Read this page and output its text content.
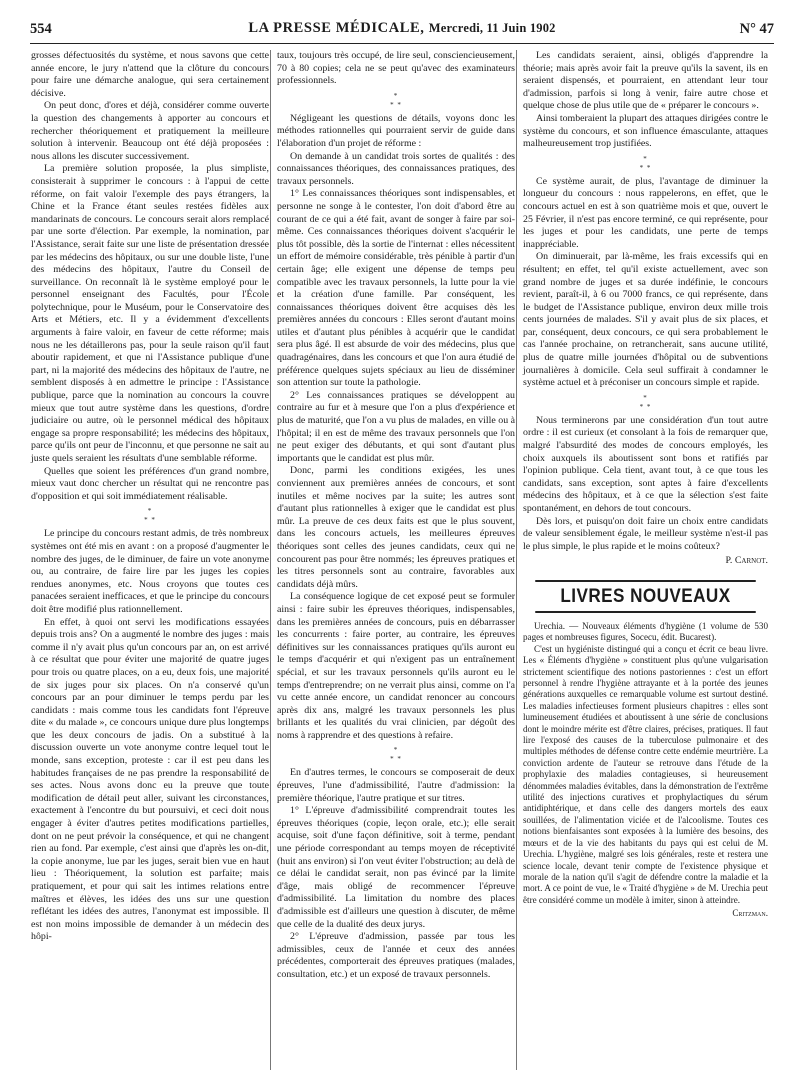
554	LA PRESSE MÉDICALE, Mercredi, 11 Juin 1902	N° 47

grosses défectuosités du système, et nous savons que cette année encore, le jury n'attend que la clôture du concours pour faire une démarche analogue, qui sera certainement décisive.

On peut donc, d'ores et déjà, considérer comme ouverte la question des changements à apporter au concours et rechercher théoriquement et pratiquement la meilleure solution à intervenir. Beaucoup ont été déjà proposées : nous allons les discuter successivement.

La première solution proposée, la plus simpliste, consisterait à supprimer le concours : à l'appui de cette réforme, on fait valoir l'exemple des pays étrangers, la Chine et la France étant seules restées fidèles aux mandarinats de concours. Le concours serait alors remplacé par une sorte d'élection. Par exemple, la nomination, par l'Assistance, serait faite sur une liste de présentation dressée par les médecins des hôpitaux, ou sur une double liste, l'une des médecins des hôpitaux, l'autre du Conseil de surveillance. On reconnaît là le système employé pour le personnel enseignant des Facultés, pour l'École polytechnique, pour le Muséum, pour le Conservatoire des Arts et Métiers, etc. Il y a évidemment d'excellents arguments à faire valoir, en faveur de cette réforme; mais nous ne les détaillerons pas, pour la seule raison qu'il faut aboutir rapidement, et que ni l'Assistance publique d'une part, ni la majorité des médecins des hôpitaux de l'autre, ne semblent disposés à en admettre le principe : l'Assistance publique, parce que la nomination au concours la couvre mieux que tout autre système dans les questions, d'ordre judiciaire ou autre, où le personnel médical des hôpitaux engage sa propre responsabilité; les médecins des hôpitaux, parce qu'ils ont peur de l'inconnu, et que personne ne sait au juste quels seraient les résultats d'une semblable réforme.

Quelles que soient les préférences d'un grand nombre, mieux vaut donc chercher un résultat qui ne rencontre pas d'opposition et qui soit immédiatement réalisable.

*
* *

Le principe du concours restant admis, de très nombreux systèmes ont été mis en avant : on a proposé d'augmenter le nombre des juges, de le diminuer, de faire un vote anonyme ou, au contraire, de faire lire par les juges les copies rendues anonymes, etc. Nous croyons que toutes ces panacées seraient inefficaces, et que le principe du concours doit être modifié plus rationnellement.

En effet, à quoi ont servi les modifications essayées depuis trois ans? On a augmenté le nombre des juges : mais comme il n'y avait plus qu'un concours par an, on est arrivé à ce résultat que pour éviter une majorité de quatre juges pour trois ou quatre places, on a eu, deux fois, une majorité de six juges pour six places. On n'a conservé qu'un concours par an pour diminuer le temps perdu par les candidats : mais comme tous les candidats font l'épreuve dite « du malade », ce concours unique dure plus longtemps que les deux concours de jadis. On a substitué à la discussion ouverte un vote anonyme contre lequel tout le monde, sans exception, proteste : car il est peu dans les habitudes françaises de ne pas prendre la responsabilité de ses actes. Nous avons donc eu la preuve que toute modification de détail peut aller, suivant les circonstances, exactement à l'encontre du but poursuivi, et ceci doit nous engager à éviter d'autres petites modifications partielles, dont on ne peut prévoir la conséquence, et qui ne changent rien au fond. Par exemple, c'est ainsi que d'après les on-dit, la copie anonyme, lue par les juges, serait bien vue en haut lieu : Théoriquement, la solution est parfaite; mais pratiquement, et pour qui sait les intimes relations entre maîtres et élèves, les idées des uns sur une question reflétant les idées des autres, l'anonymat est impossible. Il est non moins impossible de demander à un médecin des hôpi-

taux, toujours très occupé, de lire seul, consciencieusement, 70 à 80 copies; cela ne se peut qu'avec des examinateurs professionnels.

*
* *

Négligeant les questions de détails, voyons donc les méthodes rationnelles qui pourraient servir de guide dans l'élaboration d'un projet de réforme :

On demande à un candidat trois sortes de qualités : des connaissances théoriques, des connaissances pratiques, des travaux personnels.

1° Les connaissances théoriques sont indispensables, et personne ne songe à le contester, l'on doit d'abord être au courant de ce qui a été fait, avant de songer à faire par soi-même. Ces connaissances théoriques doivent s'acquérir le plus tôt possible, dès la sortie de l'internat : elles nécessitent un effort de mémoire considérable, très pénible à partir d'un certain âge; elle exigent une dépense de temps peu compatible avec les travaux personnels, la lutte pour la vie et la création d'une famille. Par conséquent, les connaissances théoriques doivent être acquises dès les premières années du concours : Elles seront d'autant moins utiles et d'autant plus pénibles à acquérir que le candidat sera plus âgé. Il est absurde de voir des médecins, plus que quadragénaires, dans les concours et que l'on aura étudié de préférence quelques sujets spéciaux au lieu de disséminer son attention sur toute la pathologie.

2° Les connaissances pratiques se développent au contraire au fur et à mesure que l'on a plus d'expérience et plus de maturité, que l'on a vu plus de malades, en ville ou à l'hôpital; il en est de même des travaux personnels que l'on ne peut exiger des débutants, et qui sont d'autant plus importants que le candidat est plus mûr.

Donc, parmi les conditions exigées, les unes conviennent aux premières années de concours, et sont inutiles et même nocives par la suite; les autres sont d'autant plus rationnelles à exiger que le candidat est plus mûr. La preuve de ces deux faits est que le plus souvent, dans les concours actuels, les meilleures épreuves théoriques sont celles des jeunes candidats, ceux qui ne concourent pas pour être nommés; les épreuves pratiques et les titres personnels sont au contraire, favorables aux candidats déjà mûrs.

La conséquence logique de cet exposé peut se formuler ainsi : faire subir les épreuves théoriques, indispensables, dans les premières années de concours, puis en débarrasser les concurrents : faire porter, au contraire, les épreuves définitives sur les connaissances pratiques qu'ils auront eu le temps d'acquérir et qui n'exigent pas un entraînement spécial, et sur les travaux personnels qu'ils auront eu le temps d'entreprendre; on ne verrait plus ainsi, comme on l'a vu cette année encore, un candidat renoncer au concours après dix ans, malgré les travaux personnels les plus brillants et les qualités du vrai clinicien, par dégoût des noms à rapprendre et des questions à refaire.

*
* *

En d'autres termes, le concours se composerait de deux épreuves, l'une d'admissibilité, l'autre d'admission: la première théorique, l'autre pratique et sur titres.

1° L'épreuve d'admissibilité comprendrait toutes les épreuves théoriques (copie, leçon orale, etc.); elle serait acquise, soit d'une façon définitive, soit à terme, pendant une période correspondant au temps moyen de réceptivité (huit ans environ) si l'on veut éviter l'obstruction; au delà de ce délai le candidat serait, non pas évincé par la limite d'âge, mais obligé de recommencer l'épreuve d'admissibilité. La limitation du nombre des places d'admissible est d'ailleurs une question à discuter, de même que celle de la dualité des deux jurys.

2° L'épreuve d'admission, passée par tous les admissibles, ceux de l'année et ceux des années précédentes, comporterait des épreuves pratiques (malades, consultation, etc.) et un exposé de travaux personnels.

Les candidats seraient, ainsi, obligés d'apprendre la théorie; mais après avoir fait la preuve qu'ils la savent, ils en seraient dispensés, et pourraient, en attendant leur tour d'admission, parfois si long à venir, faire autre chose et quelque chose de plus utile que de « préparer le concours ».

Ainsi tomberaient la plupart des attaques dirigées contre le système du concours, et son influence émasculante, attaques malheureusement trop justifiées.

*
* *

Ce système aurait, de plus, l'avantage de diminuer la longueur du concours : nous rappelerons, en effet, que le concours actuel en est à son quatrième mois et que, ouvert le 25 Février, il n'est pas encore terminé, ce qui représente, pour les juges et pour les candidats, une perte de temps inappréciable.

On diminuerait, par là-même, les frais excessifs qui en résultent; en effet, tel qu'il existe actuellement, avec son grand nombre de juges et sa durée indéfinie, le concours revient, paraît-il, à 6 ou 7000 francs, ce qui représente, dans le budget de l'Assistance publique, environ deux mille trois cents journées de malades. S'il y avait plus de six places, et par, conséquent, deux concours, ce qui sera probablement le cas l'année prochaine, on retrancherait, sans aucune utilité, plus de quatre mille journées d'hôpital ou de subventions journalières à domicile. Cela seul suffirait à condamner le système actuel et à préconiser un concours simple et rapide.

*
* *

Nous terminerons par une considération d'un tout autre ordre : il est curieux (et consolant à la fois de remarquer que, malgré l'absurdité des modes de concours employés, les choix auxquels ils aboutissent sont bons et ratifiés par l'opinion publique. Cela tient, avant tout, à ce que tous les candidats, sans exception, sont aptes à faire d'excellents médecins des hôpitaux, et à ce que la sélection s'est faite spontanément, en dehors de tout concours.

Dès lors, et puisqu'on doit faire un choix entre candidats de valeur sensiblement égale, le meilleur système n'est-il pas le plus simple, le plus rapide et le moins coûteux?

P. Carnot.

LIVRES NOUVEAUX

Urechia. — Nouveaux éléments d'hygiène (1 volume de 530 pages et nombreuses figures, Socecu, édit. Bucarest).

C'est un hygiéniste distingué qui a conçu et écrit ce beau livre. Les « Éléments d'hygiène » constituent plus qu'une vulgarisation strictement scientifique des notions pastoriennes : c'est un effort personnel à rendre l'hygiène attrayante et à la portée des jeunes générations auxquelles ce remarquable volume est surtout destiné. Les maladies infectieuses forment plusieurs chapitres : elles sont lumineusement étudiées et aboutissent à une série de conclusions dont le moindre mérite est d'être claires, précises, pratiques. Il faut lire l'exposé des causes de la tuberculose pulmonaire et des multiples méthodes de défense contre cette endémie meurtrière. La conviction ardente de l'auteur se retrouve dans l'étude de la prophylaxie des maladies contagieuses, si heureusement dénommées maladies évitables, dans la démonstration de l'extrême utilité des injections curatives et prophylactiques du sérum antidiphtérique, et dans celle des dangers mortels des eaux souillées, de l'alimentation viciée et de l'alcoolisme. Toutes ces notions bienfaisantes sont exposées à la lumière des besoins, des mœurs et de la vie des habitants du pays qui est celui de M. Urechia. L'hygiène, malgré ses lois générales, reste et restera une science locale, devant tenir compte de l'existence physique et morale de la nation qu'il s'agit de défendre contre la maladie et la mort. A ce point de vue, le « Traité d'hygiène » de M. Urechia peut être considéré comme un modèle à imiter, sinon à atteindre.

Critzman.
